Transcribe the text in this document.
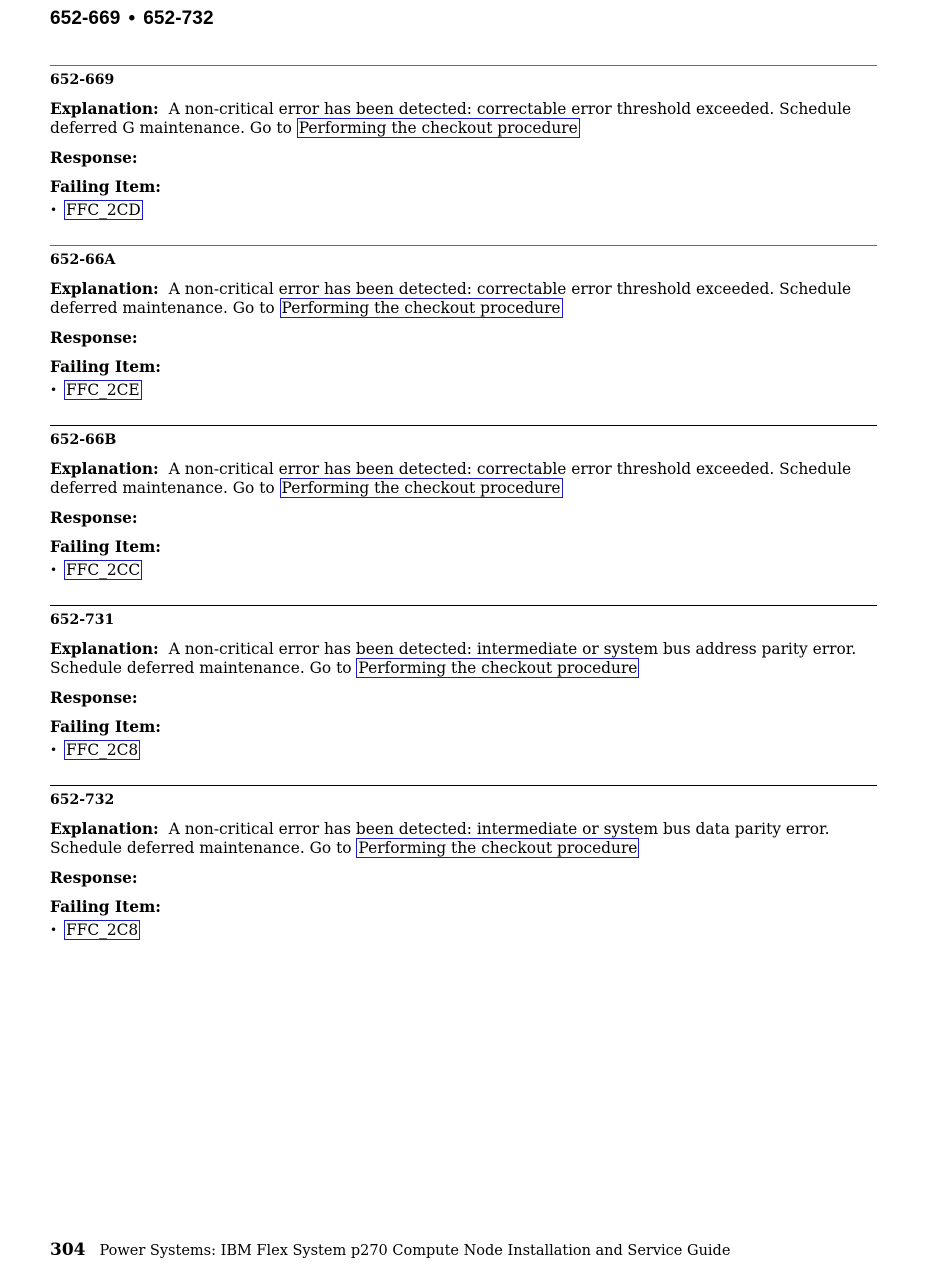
652-669 • 652-732
652-669
Explanation: A non-critical error has been detected: correctable error threshold exceeded. Schedule deferred G maintenance. Go to Performing the checkout procedure
Response:
Failing Item:
• FFC_2CD
652-66A
Explanation: A non-critical error has been detected: correctable error threshold exceeded. Schedule deferred maintenance. Go to Performing the checkout procedure
Response:
Failing Item:
• FFC_2CE
652-66B
Explanation: A non-critical error has been detected: correctable error threshold exceeded. Schedule deferred maintenance. Go to Performing the checkout procedure
Response:
Failing Item:
• FFC_2CC
652-731
Explanation: A non-critical error has been detected: intermediate or system bus address parity error. Schedule deferred maintenance. Go to Performing the checkout procedure
Response:
Failing Item:
• FFC_2C8
652-732
Explanation: A non-critical error has been detected: intermediate or system bus data parity error. Schedule deferred maintenance. Go to Performing the checkout procedure
Response:
Failing Item:
• FFC_2C8
304 Power Systems: IBM Flex System p270 Compute Node Installation and Service Guide
